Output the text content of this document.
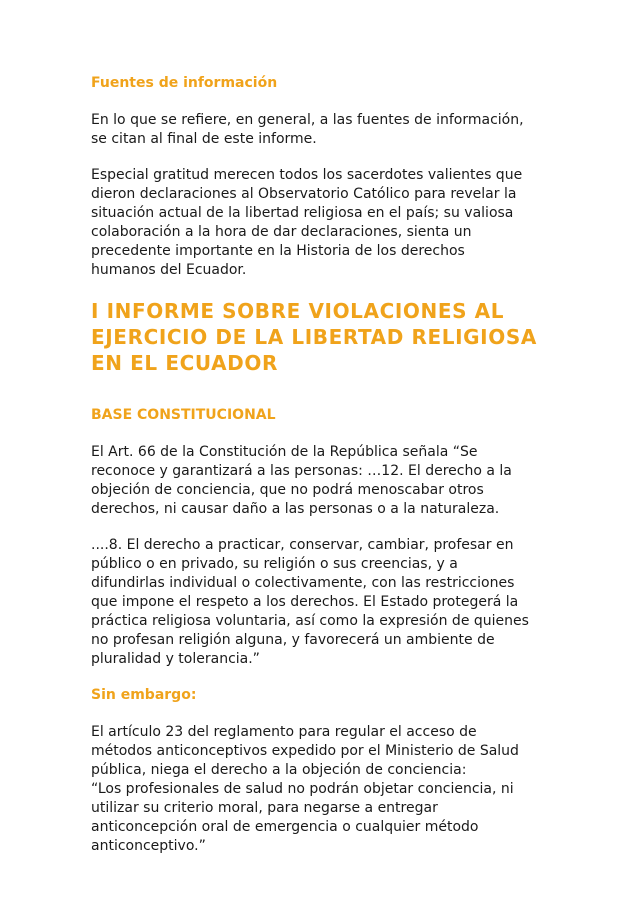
Fuentes de información
En lo que se refiere, en general, a las fuentes de información,
se citan al final de este informe.
Especial gratitud merecen todos los sacerdotes valientes que
dieron declaraciones al Observatorio Católico para revelar la
situación actual de la libertad religiosa en el país; su valiosa
colaboración a la hora de dar declaraciones, sienta un
precedente importante en la Historia de los derechos
humanos del Ecuador.
I INFORME SOBRE VIOLACIONES AL
EJERCICIO DE LA LIBERTAD RELIGIOSA
EN EL ECUADOR
BASE CONSTITUCIONAL
El Art. 66 de la Constitución de la República señala “Se
reconoce y garantizará a las personas: …12. El derecho a la
objeción de conciencia, que no podrá menoscabar otros
derechos, ni causar daño a las personas o a la naturaleza.
....8. El derecho a practicar, conservar, cambiar, profesar en
público o en privado, su religión o sus creencias, y a
difundirlas individual o colectivamente, con las restricciones
que impone el respeto a los derechos. El Estado protegerá la
práctica religiosa voluntaria, así como la expresión de quienes
no profesan religión alguna, y favorecerá un ambiente de
pluralidad y tolerancia.”
Sin embargo:
El artículo 23 del reglamento para regular el acceso de
métodos anticonceptivos expedido por el Ministerio de Salud
pública, niega el derecho a la objeción de conciencia:
“Los profesionales de salud no podrán objetar conciencia, ni
utilizar su criterio moral, para negarse a entregar
anticoncepción oral de emergencia o cualquier método
anticonceptivo.”
